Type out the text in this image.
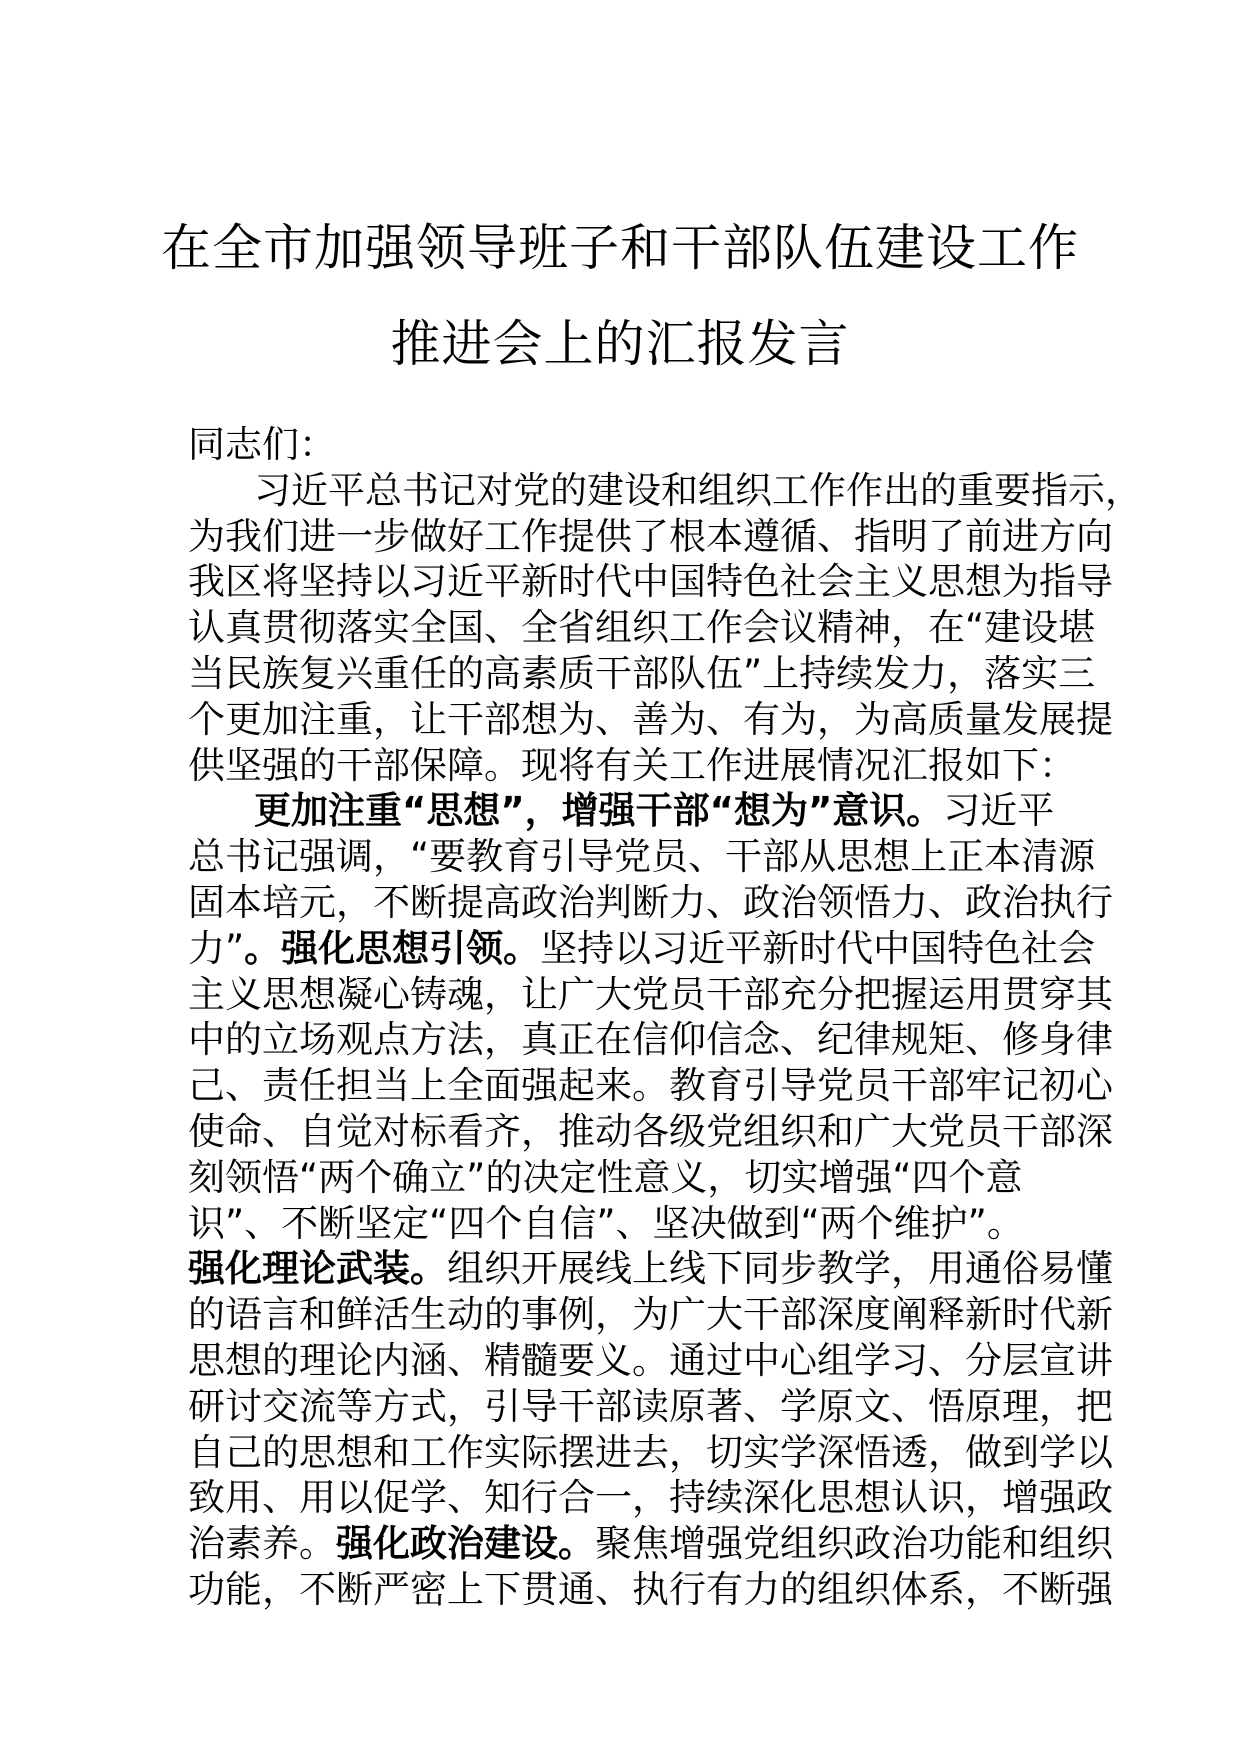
在全市加强领导班子和干部队伍建设工作
推进会上的汇报发言
同志们：
习近平总书记对党的建设和组织工作作出的重要指示，
为我们进一步做好工作提供了根本遵循、指明了前进方向
我区将坚持以习近平新时代中国特色社会主义思想为指导
认真贯彻落实全国、全省组织工作会议精神，在“建设堪
当民族复兴重任的高素质干部队伍”上持续发力，落实三
个更加注重，让干部想为、善为、有为，为高质量发展提
供坚强的干部保障。现将有关工作进展情况汇报如下：
更加注重“思想”，增强干部“想为”意识。习近平
总书记强调，“要教育引导党员、干部从思想上正本清源
固本培元，不断提高政治判断力、政治领悟力、政治执行
力”。强化思想引领。坚持以习近平新时代中国特色社会
主义思想凝心铸魂，让广大党员干部充分把握运用贯穿其
中的立场观点方法，真正在信仰信念、纪律规矩、修身律
己、责任担当上全面强起来。教育引导党员干部牢记初心
使命、自觉对标看齐，推动各级党组织和广大党员干部深
刻领悟“两个确立”的决定性意义，切实增强“四个意
识”、不断坚定“四个自信”、坚决做到“两个维护”。
强化理论武装。组织开展线上线下同步教学，用通俗易懂
的语言和鲜活生动的事例，为广大干部深度阐释新时代新
思想的理论内涵、精髓要义。通过中心组学习、分层宣讲
研讨交流等方式，引导干部读原著、学原文、悟原理，把
自己的思想和工作实际摆进去，切实学深悟透，做到学以
致用、用以促学、知行合一，持续深化思想认识，增强政
治素养。强化政治建设。聚焦增强党组织政治功能和组织
功能，不断严密上下贯通、执行有力的组织体系，不断强
